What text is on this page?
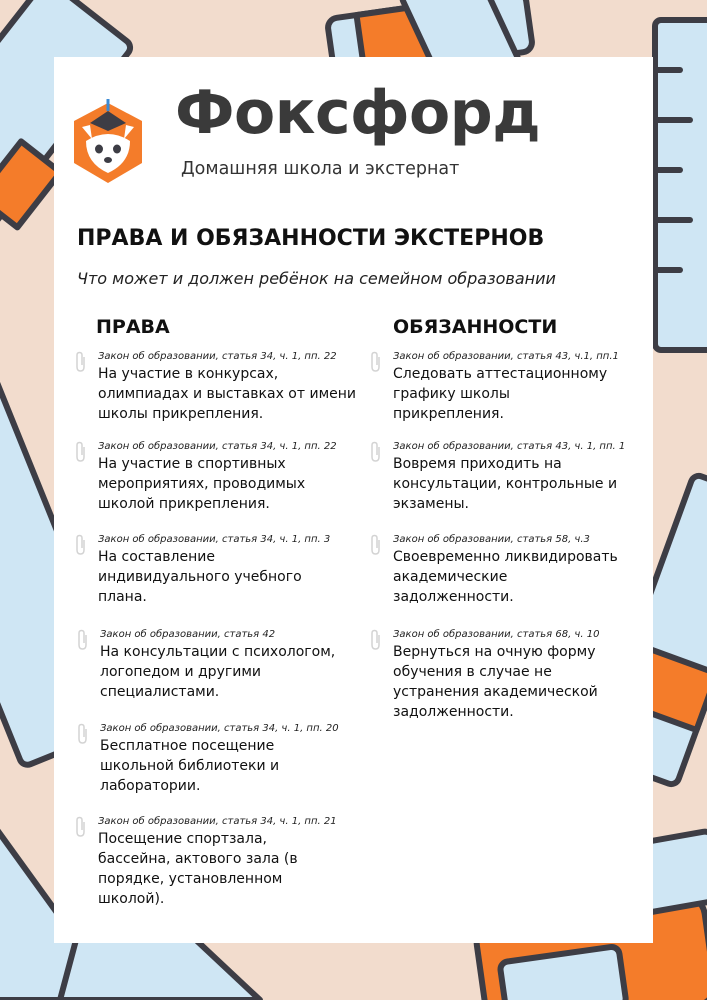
Фоксфорд
Домашняя школа и экстернат
ПРАВА И ОБЯЗАННОСТИ ЭКСТЕРНОВ
Что может и должен ребёнок на семейном образовании
ПРАВА	ОБЯЗАННОСТИ
Закон об образовании, статья 34, ч. 1, пп. 22
На участие в конкурсах, олимпиадах и выставках от имени школы прикрепления.
Закон об образовании, статья 34, ч. 1, пп. 22
На участие в спортивных мероприятиях, проводимых школой прикрепления.
Закон об образовании, статья 34, ч. 1, пп. 3
На составление индивидуального учебного плана.
Закон об образовании, статья 42
На консультации с психологом, логопедом и другими специалистами.
Закон об образовании, статья 34, ч. 1, пп. 20
Бесплатное посещение школьной библиотеки и лаборатории.
Закон об образовании, статья 34, ч. 1, пп. 21
Посещение спортзала, бассейна, актового зала (в порядке, установленном школой).
Закон об образовании, статья 43, ч.1, пп.1
Следовать аттестационному графику школы прикрепления.
Закон об образовании, статья 43, ч. 1, пп. 1
Вовремя приходить на консультации, контрольные и экзамены.
Закон об образовании, статья 58, ч.3
Своевременно ликвидировать академические задолженности.
Закон об образовании, статья 68, ч. 10
Вернуться на очную форму обучения в случае не устранения академической задолженности.
